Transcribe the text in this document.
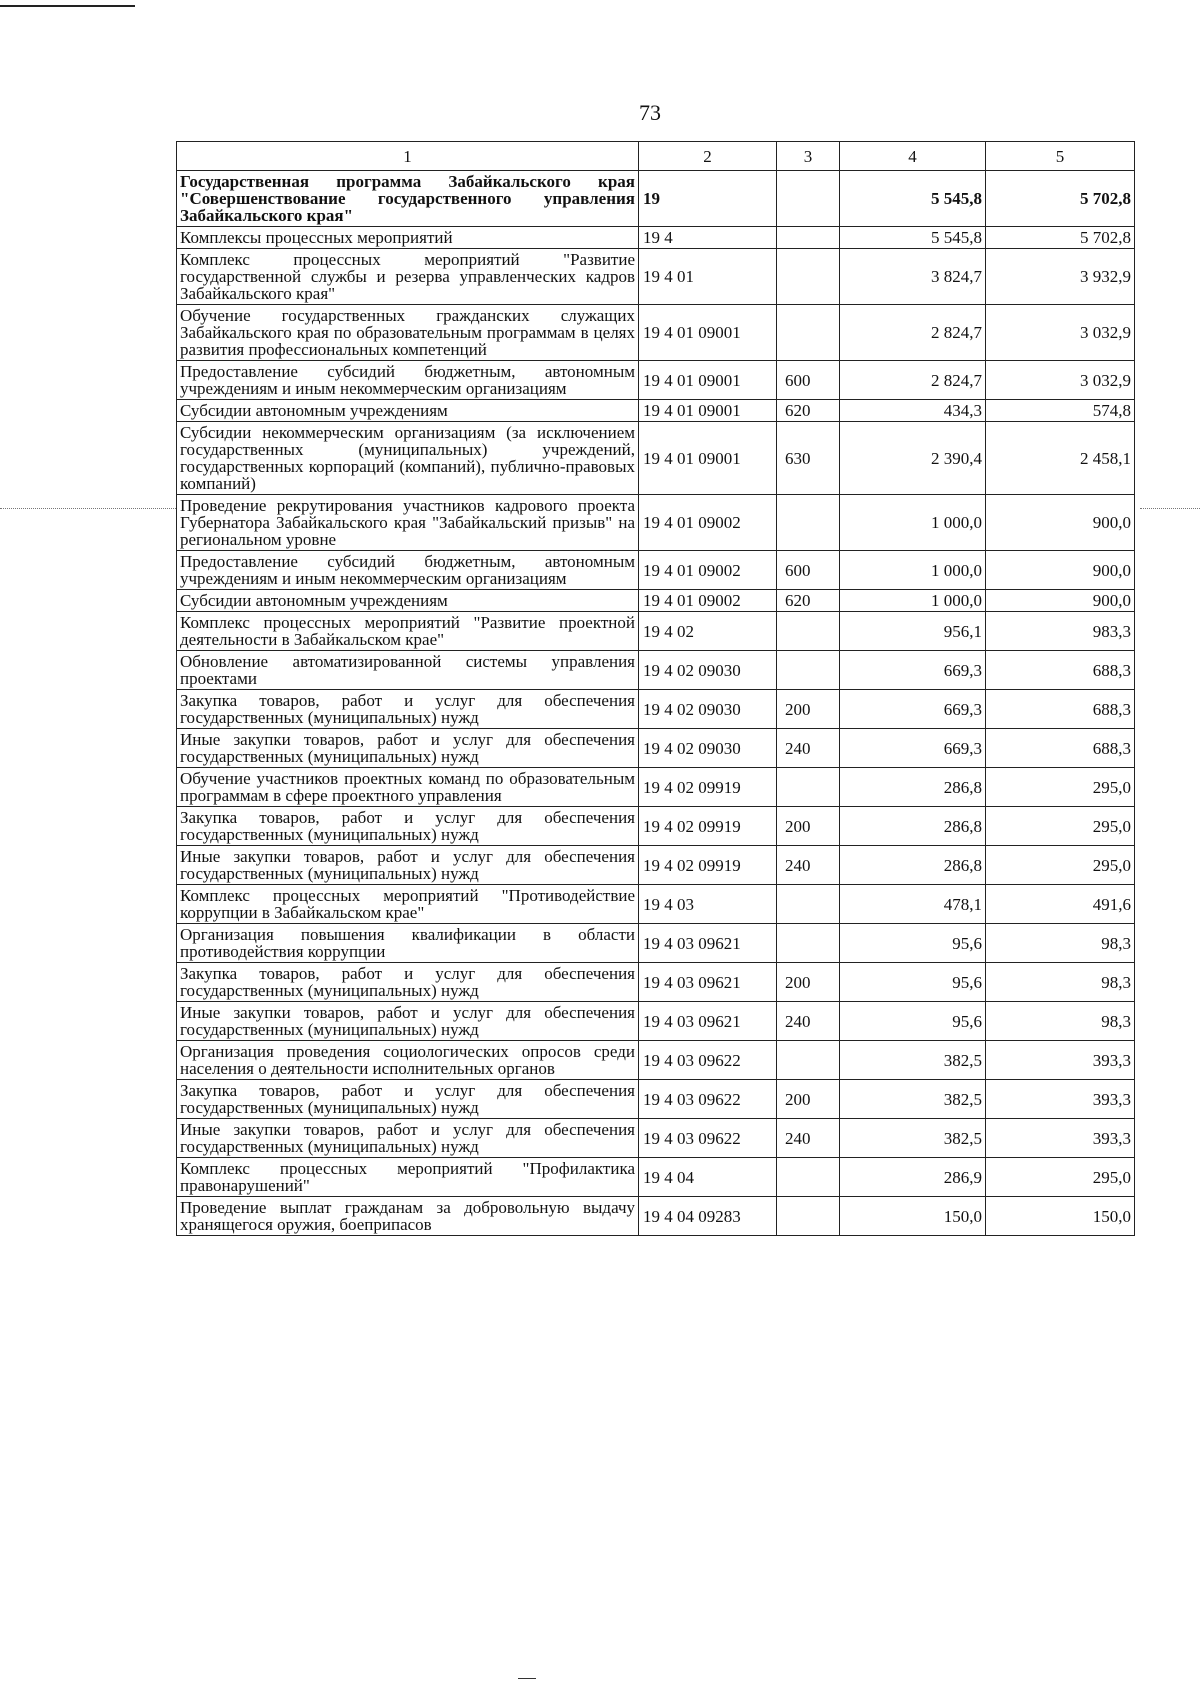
73
1	2	3	4	5
Государственная программа Забайкальского края "Совершенствование государственного управления Забайкальского края"	19		5 545,8	5 702,8
Комплексы процессных мероприятий	19 4		5 545,8	5 702,8
Комплекс процессных мероприятий "Развитие государственной службы и резерва управленческих кадров Забайкальского края"	19 4 01		3 824,7	3 932,9
Обучение государственных гражданских служащих Забайкальского края по образовательным программам в целях развития профессиональных компетенций	19 4 01 09001		2 824,7	3 032,9
Предоставление субсидий бюджетным, автономным учреждениям и иным некоммерческим организациям	19 4 01 09001	600	2 824,7	3 032,9
Субсидии автономным учреждениям	19 4 01 09001	620	434,3	574,8
Субсидии некоммерческим организациям (за исключением государственных (муниципальных) учреждений, государственных корпораций (компаний), публично-правовых компаний)	19 4 01 09001	630	2 390,4	2 458,1
Проведение рекрутирования участников кадрового проекта Губернатора Забайкальского края "Забайкальский призыв" на региональном уровне	19 4 01 09002		1 000,0	900,0
Предоставление субсидий бюджетным, автономным учреждениям и иным некоммерческим организациям	19 4 01 09002	600	1 000,0	900,0
Субсидии автономным учреждениям	19 4 01 09002	620	1 000,0	900,0
Комплекс процессных мероприятий "Развитие проектной деятельности в Забайкальском крае"	19 4 02		956,1	983,3
Обновление автоматизированной системы управления проектами	19 4 02 09030		669,3	688,3
Закупка товаров, работ и услуг для обеспечения государственных (муниципальных) нужд	19 4 02 09030	200	669,3	688,3
Иные закупки товаров, работ и услуг для обеспечения государственных (муниципальных) нужд	19 4 02 09030	240	669,3	688,3
Обучение участников проектных команд по образовательным программам в сфере проектного управления	19 4 02 09919		286,8	295,0
Закупка товаров, работ и услуг для обеспечения государственных (муниципальных) нужд	19 4 02 09919	200	286,8	295,0
Иные закупки товаров, работ и услуг для обеспечения государственных (муниципальных) нужд	19 4 02 09919	240	286,8	295,0
Комплекс процессных мероприятий "Противодействие коррупции в Забайкальском крае"	19 4 03		478,1	491,6
Организация повышения квалификации в области противодействия коррупции	19 4 03 09621		95,6	98,3
Закупка товаров, работ и услуг для обеспечения государственных (муниципальных) нужд	19 4 03 09621	200	95,6	98,3
Иные закупки товаров, работ и услуг для обеспечения государственных (муниципальных) нужд	19 4 03 09621	240	95,6	98,3
Организация проведения социологических опросов среди населения о деятельности исполнительных органов	19 4 03 09622		382,5	393,3
Закупка товаров, работ и услуг для обеспечения государственных (муниципальных) нужд	19 4 03 09622	200	382,5	393,3
Иные закупки товаров, работ и услуг для обеспечения государственных (муниципальных) нужд	19 4 03 09622	240	382,5	393,3
Комплекс процессных мероприятий "Профилактика правонарушений"	19 4 04		286,9	295,0
Проведение выплат гражданам за добровольную выдачу хранящегося оружия, боеприпасов	19 4 04 09283		150,0	150,0
